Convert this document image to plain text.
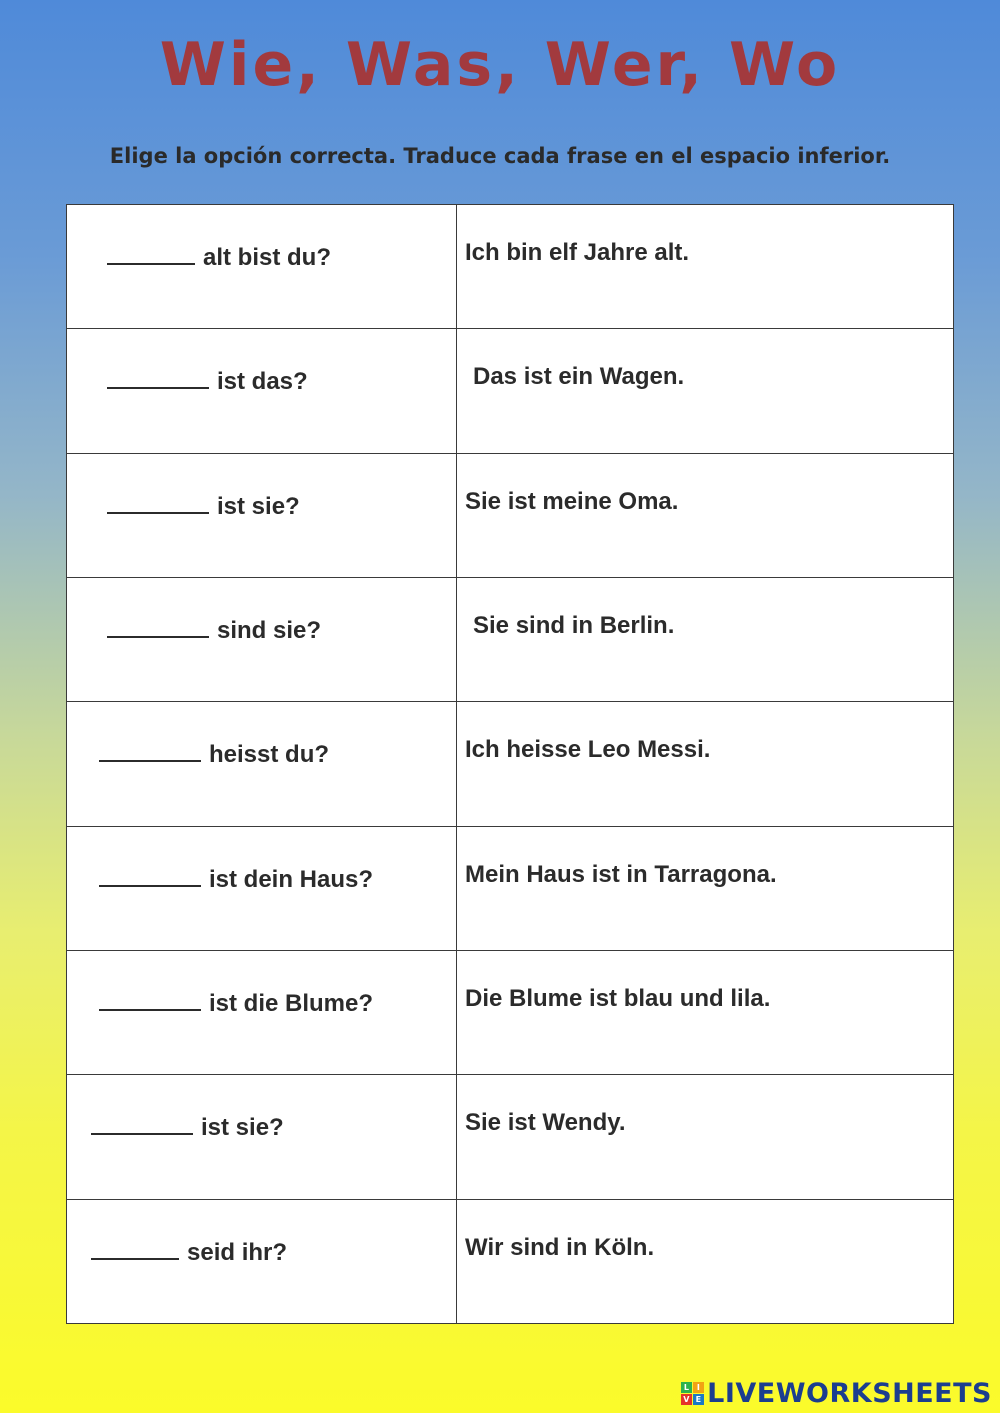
Wie, Was, Wer, Wo
Elige la opción correcta. Traduce cada frase en el espacio inferior.
alt bist du?	Ich bin elf Jahre alt.
ist das?	Das ist ein Wagen.
ist sie?	Sie ist meine Oma.
sind sie?	Sie sind in Berlin.
heisst du?	Ich heisse Leo Messi.
ist dein Haus?	Mein Haus ist in Tarragona.
ist die Blume?	Die Blume ist blau und lila.
ist sie?	Sie ist Wendy.
seid ihr?	Wir sind in Köln.
L I
V E LIVEWORKSHEETS
